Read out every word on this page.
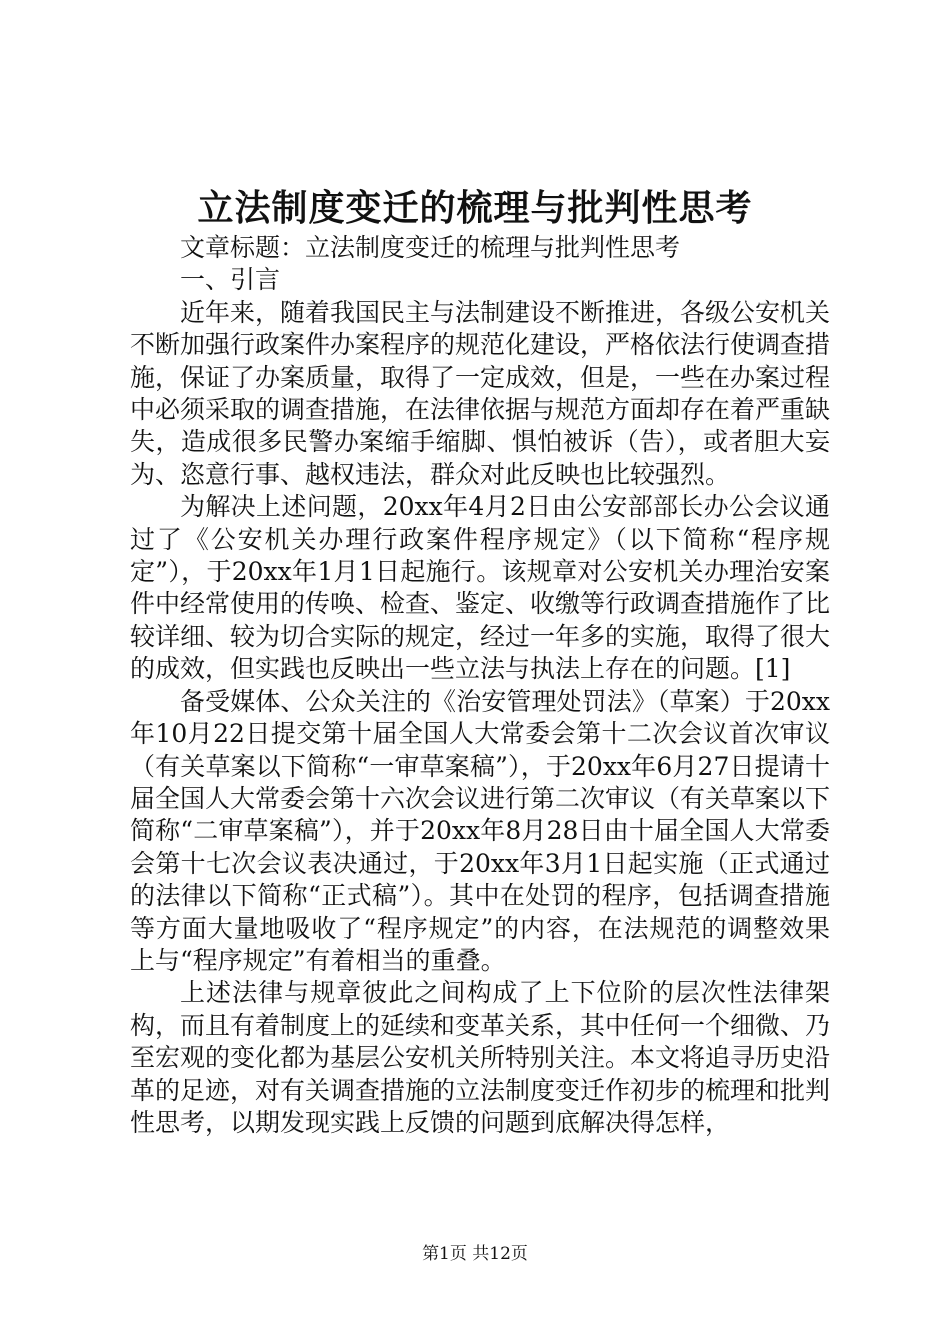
立法制度变迁的梳理与批判性思考

文章标题：立法制度变迁的梳理与批判性思考

一、引言

近年来，随着我国民主与法制建设不断推进，各级公安机关不断加强行政案件办案程序的规范化建设，严格依法行使调查措施，保证了办案质量，取得了一定成效，但是，一些在办案过程中必须采取的调查措施，在法律依据与规范方面却存在着严重缺失，造成很多民警办案缩手缩脚、惧怕被诉（告），或者胆大妄为、恣意行事、越权违法，群众对此反映也比较强烈。

为解决上述问题，20xx年4月2日由公安部部长办公会议通过了《公安机关办理行政案件程序规定》（以下简称“程序规定”），于20xx年1月1日起施行。该规章对公安机关办理治安案件中经常使用的传唤、检查、鉴定、收缴等行政调查措施作了比较详细、较为切合实际的规定，经过一年多的实施，取得了很大的成效，但实践也反映出一些立法与执法上存在的问题。[1]

备受媒体、公众关注的《治安管理处罚法》（草案）于20xx年10月22日提交第十届全国人大常委会第十二次会议首次审议（有关草案以下简称“一审草案稿”），于20xx年6月27日提请十届全国人大常委会第十六次会议进行第二次审议（有关草案以下简称“二审草案稿”），并于20xx年8月28日由十届全国人大常委会第十七次会议表决通过，于20xx年3月1日起实施（正式通过的法律以下简称“正式稿”）。其中在处罚的程序，包括调查措施等方面大量地吸收了“程序规定”的内容，在法规范的调整效果上与“程序规定”有着相当的重叠。

上述法律与规章彼此之间构成了上下位阶的层次性法律架构，而且有着制度上的延续和变革关系，其中任何一个细微、乃至宏观的变化都为基层公安机关所特别关注。本文将追寻历史沿革的足迹，对有关调查措施的立法制度变迁作初步的梳理和批判性思考，以期发现实践上反馈的问题到底解决得怎样，

第1页 共12页
